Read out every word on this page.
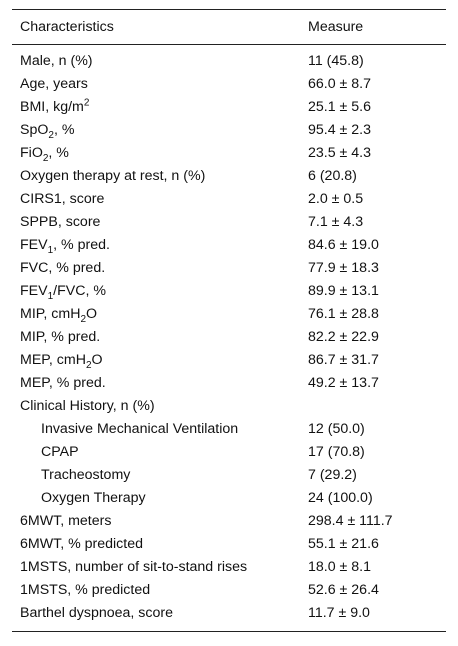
Characteristics	Measure
Male, n (%)	11 (45.8)
Age, years	66.0 ± 8.7
BMI, $kg/m^2$	25.1 ± 5.6
SpO$_2$, %	95.4 ± 2.3
FiO$_2$, %	23.5 ± 4.3
Oxygen therapy at rest, n (%)	6 (20.8)
CIRS1, score	2.0 ± 0.5
SPPB, score	7.1 ± 4.3
$FEV_1$, % pred.	84.6 ± 19.0
FVC, % pred.	77.9 ± 18.3
$FEV_1$/FVC, %	89.9 ± 13.1
MIP, cmH$_2$O	76.1 ± 28.8
MIP, % pred.	82.2 ± 22.9
MEP, cmH$_2$O	86.7 ± 31.7
MEP, % pred.	49.2 ± 13.7
Clinical History, n (%)
Invasive Mechanical Ventilation	12 (50.0)
CPAP	17 (70.8)
Tracheostomy	7 (29.2)
Oxygen Therapy	24 (100.0)
6MWT, meters	298.4 ± 111.7
6MWT, % predicted	55.1 ± 21.6
1MSTS, number of sit-to-stand rises	18.0 ± 8.1
1MSTS, % predicted	52.6 ± 26.4
Barthel dyspnoea, score	11.7 ± 9.0
